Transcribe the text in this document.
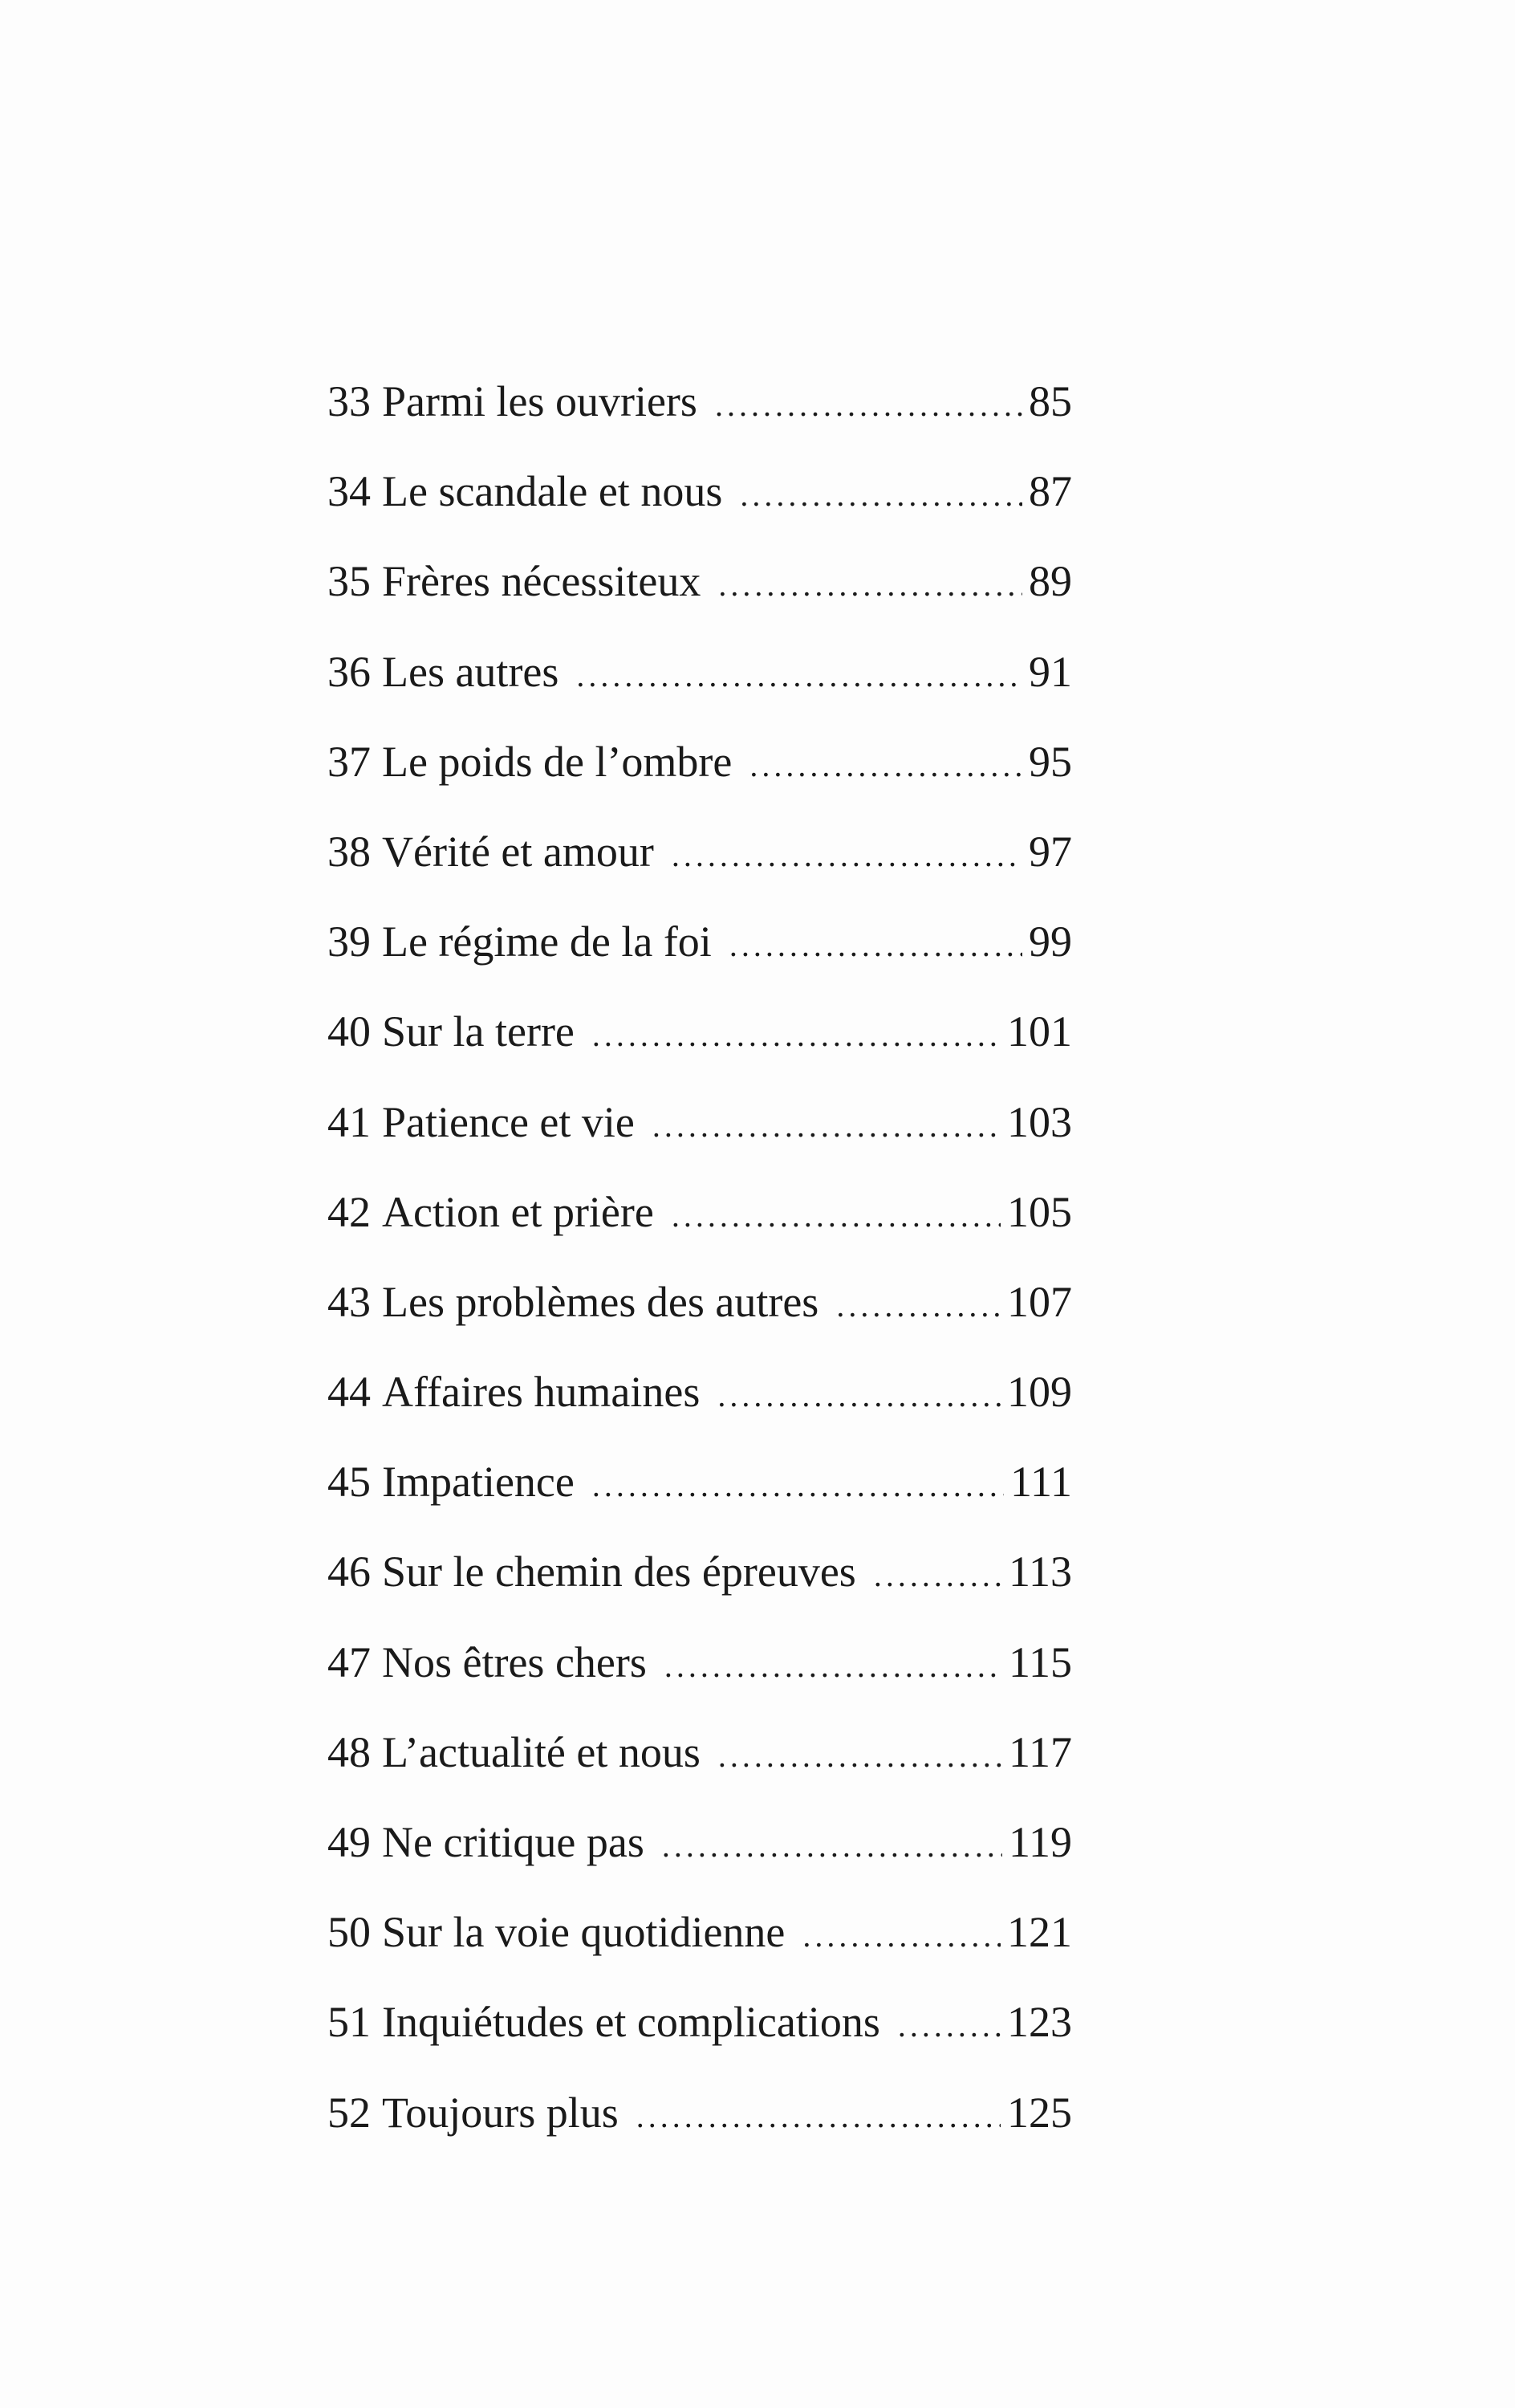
33 Parmi les ouvriers .....	85
34 Le scandale et nous .....	87
35 Frères nécessiteux .....	89
36 Les autres .....	91
37 Le poids de l’ombre .....	95
38 Vérité et amour .....	97
39 Le régime de la foi .....	99
40 Sur la terre .....	101
41 Patience et vie .....	103
42 Action et prière .....	105
43 Les problèmes des autres .....	107
44 Affaires humaines .....	109
45 Impatience .....	111
46 Sur le chemin des épreuves .....	113
47 Nos êtres chers .....	115
48 L’actualité et nous .....	117
49 Ne critique pas .....	119
50 Sur la voie quotidienne .....	121
51 Inquiétudes et complications .....	123
52 Toujours plus .....	125
